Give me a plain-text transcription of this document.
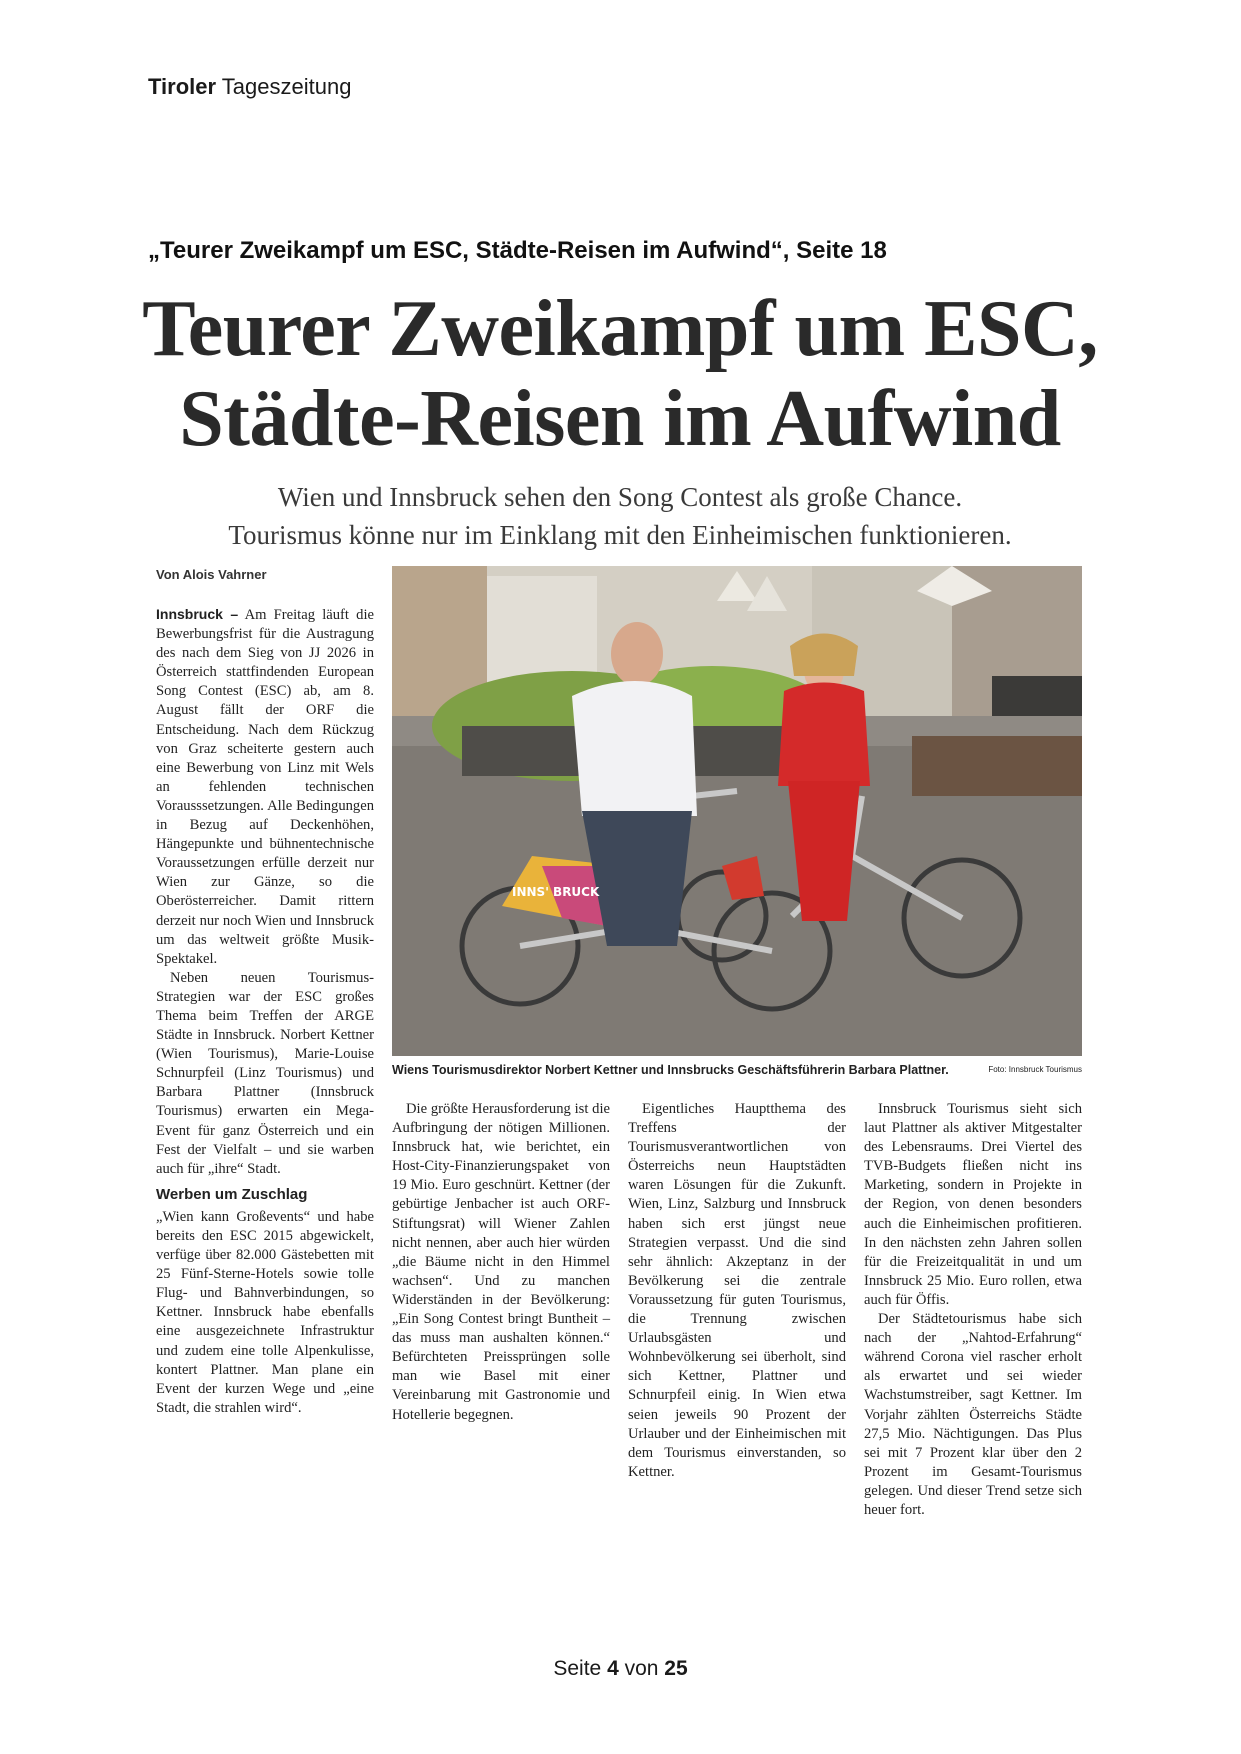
Tiroler Tageszeitung
„Teurer Zweikampf um ESC, Städte-Reisen im Aufwind“, Seite 18
Teurer Zweikampf um ESC,
Städte-Reisen im Aufwind
Wien und Innsbruck sehen den Song Contest als große Chance.
Tourismus könne nur im Einklang mit den Einheimischen funktionieren.
Von Alois Vahrner

Innsbruck – Am Freitag läuft die Bewerbungsfrist für die Austragung des nach dem Sieg von JJ 2026 in Österreich stattfindenden European Song Contest (ESC) ab, am 8. August fällt der ORF die Entscheidung. Nach dem Rückzug von Graz scheiterte gestern auch eine Bewerbung von Linz mit Wels an fehlenden technischen Vorausssetzungen. Alle Bedingungen in Bezug auf Deckenhöhen, Hängepunkte und bühnentechnische Voraussetzungen erfülle derzeit nur Wien zur Gänze, so die Oberösterreicher. Damit rittern derzeit nur noch Wien und Innsbruck um das weltweit größte Musik-Spektakel.

Neben neuen Tourismus-Strategien war der ESC großes Thema beim Treffen der ARGE Städte in Innsbruck. Norbert Kettner (Wien Tourismus), Marie-Louise Schnurpfeil (Linz Tourismus) und Barbara Plattner (Innsbruck Tourismus) erwarten ein Mega-Event für ganz Österreich und ein Fest der Vielfalt – und sie warben auch für „ihre“ Stadt.

Werben um Zuschlag

„Wien kann Großevents“ und habe bereits den ESC 2015 abgewickelt, verfüge über 82.000 Gästebetten mit 25 Fünf-Sterne-Hotels sowie tolle Flug- und Bahnverbindungen, so Kettner. Innsbruck habe ebenfalls eine ausgezeichnete Infrastruktur und zudem eine tolle Alpenkulisse, kontert Plattner. Man plane ein Event der kurzen Wege und „eine Stadt, die strahlen wird“.

INNS' BRUCK
Wiens Tourismusdirektor Norbert Kettner und Innsbrucks Geschäftsführerin Barbara Plattner.	Foto: Innsbruck Tourismus

Die größte Herausforderung ist die Aufbringung der nötigen Millionen. Innsbruck hat, wie berichtet, ein Host-City-Finanzierungspaket von 19 Mio. Euro geschnürt. Kettner (der gebürtige Jenbacher ist auch ORF-Stiftungsrat) will Wiener Zahlen nicht nennen, aber auch hier würden „die Bäume nicht in den Himmel wachsen“. Und zu manchen Widerständen in der Bevölkerung: „Ein Song Contest bringt Buntheit – das muss man aushalten können.“ Befürchteten Preissprüngen solle man wie Basel mit einer Vereinbarung mit Gastronomie und Hotellerie begegnen.

Eigentliches Hauptthema des Treffens der Tourismusverantwortlichen von Österreichs neun Hauptstädten waren Lösungen für die Zukunft. Wien, Linz, Salzburg und Innsbruck haben sich erst jüngst neue Strategien verpasst. Und die sind sehr ähnlich: Akzeptanz in der Bevölkerung sei die zentrale Voraussetzung für guten Tourismus, die Trennung zwischen Urlaubsgästen und Wohnbevölkerung sei überholt, sind sich Kettner, Plattner und Schnurpfeil einig. In Wien etwa seien jeweils 90 Prozent der Urlauber und der Einheimischen mit dem Tourismus einverstanden, so Kettner.

Innsbruck Tourismus sieht sich laut Plattner als aktiver Mitgestalter des Lebensraums. Drei Viertel des TVB-Budgets fließen nicht ins Marketing, sondern in Projekte in der Region, von denen besonders auch die Einheimischen profitieren. In den nächsten zehn Jahren sollen für die Freizeitqualität in und um Innsbruck 25 Mio. Euro rollen, etwa auch für Öffis.

Der Städtetourismus habe sich nach der „Nahtod-Erfahrung“ während Corona viel rascher erholt als erwartet und sei wieder Wachstumstreiber, sagt Kettner. Im Vorjahr zählten Österreichs Städte 27,5 Mio. Nächtigungen. Das Plus sei mit 7 Prozent klar über den 2 Prozent im Gesamt-Tourismus gelegen. Und dieser Trend setze sich heuer fort.

Seite 4 von 25
